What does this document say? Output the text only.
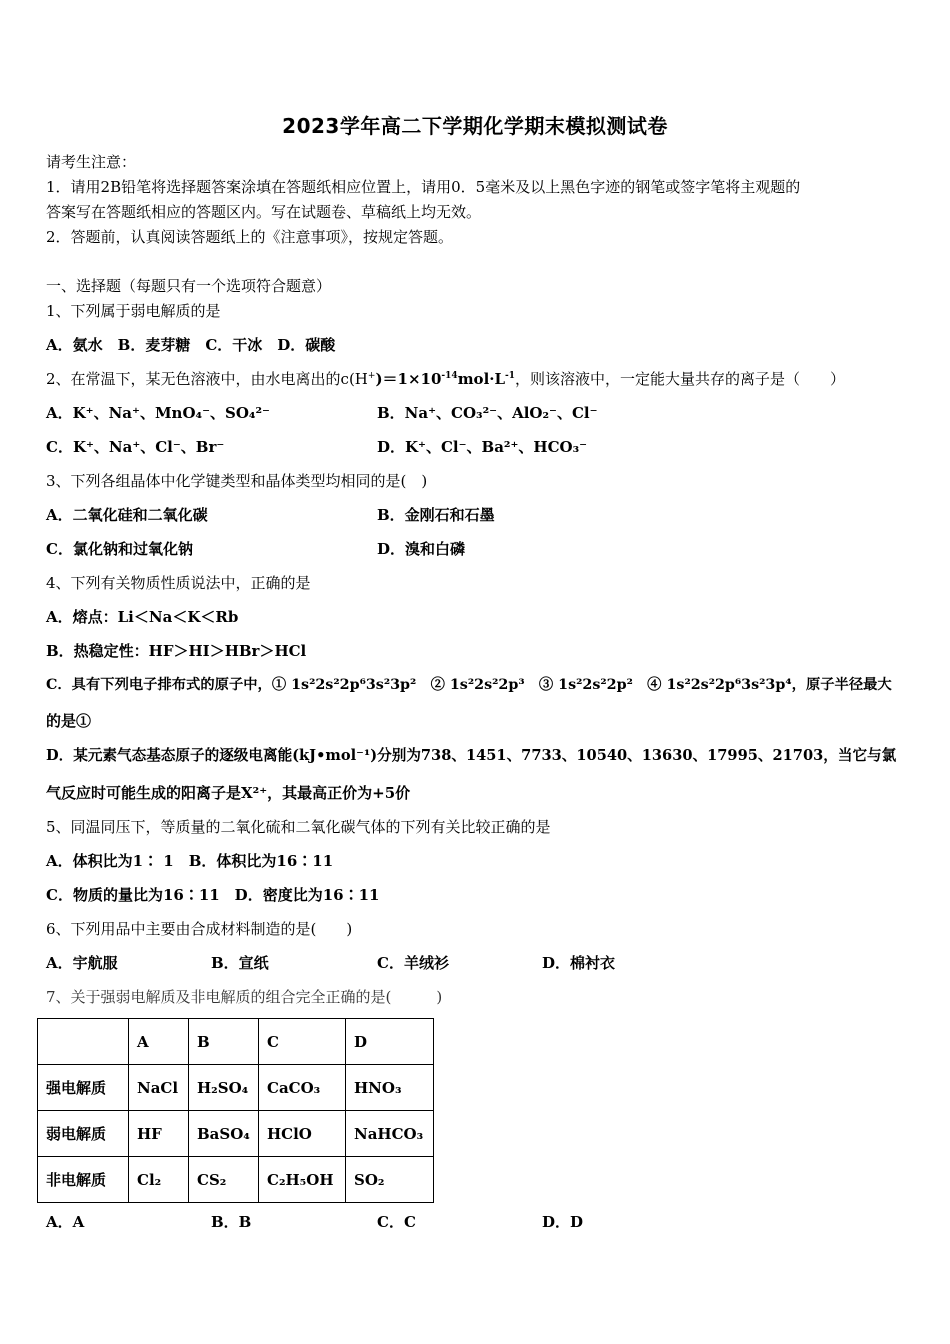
2023学年高二下学期化学期末模拟测试卷
请考生注意：
1．请用2B铅笔将选择题答案涂填在答题纸相应位置上，请用0．5毫米及以上黑色字迹的钢笔或签字笔将主观题的
答案写在答题纸相应的答题区内。写在试题卷、草稿纸上均无效。
2．答题前，认真阅读答题纸上的《注意事项》，按规定答题。
一、选择题（每题只有一个选项符合题意）
1、下列属于弱电解质的是
A．氨水　B．麦芽糖　C．干冰　D．碳酸
2、在常温下，某无色溶液中，由水电离出的$c(H^+)=1\times 10^{-14}mol\cdot L^{-1}$，则该溶液中，一定能大量共存的离子是（　　）
A．K⁺、Na⁺、MnO₄⁻、SO₄²⁻	B．Na⁺、CO₃²⁻、AlO₂⁻、Cl⁻
C．K⁺、Na⁺、Cl⁻、Br⁻	D．K⁺、Cl⁻、Ba²⁺、HCO₃⁻
3、下列各组晶体中化学键类型和晶体类型均相同的是(　)
A．二氧化硅和二氧化碳	B．金刚石和石墨
C．氯化钠和过氧化钠	D．溴和白磷
4、下列有关物质性质说法中，正确的是
A．熔点：Li＜Na＜K＜Rb
B．热稳定性：HF＞HI＞HBr＞HCl
C．具有下列电子排布式的原子中，① 1s²2s²2p⁶3s²3p²　② 1s²2s²2p³　③ 1s²2s²2p²　④ 1s²2s²2p⁶3s²3p⁴，原子半径最大
的是①
D．某元素气态基态原子的逐级电离能(kJ•mol⁻¹)分别为738、1451、7733、10540、13630、17995、21703，当它与氯
气反应时可能生成的阳离子是X²⁺，其最高正价为+5价
5、同温同压下，等质量的二氧化硫和二氧化碳气体的下列有关比较正确的是
A．体积比为1∶ 1　B．体积比为16∶11
C．物质的量比为16∶11　D．密度比为16∶11
6、下列用品中主要由合成材料制造的是(　　)
A．宇航服	B．宣纸	C．羊绒衫	D．棉衬衣
7、关于强弱电解质及非电解质的组合完全正确的是(　　　)
	A	B	C	D
强电解质	NaCl	H₂SO₄	CaCO₃	HNO₃
弱电解质	HF	BaSO₄	HClO	NaHCO₃
非电解质	Cl₂	CS₂	C₂H₅OH	SO₂
A．A	B．B	C．C	D．D
